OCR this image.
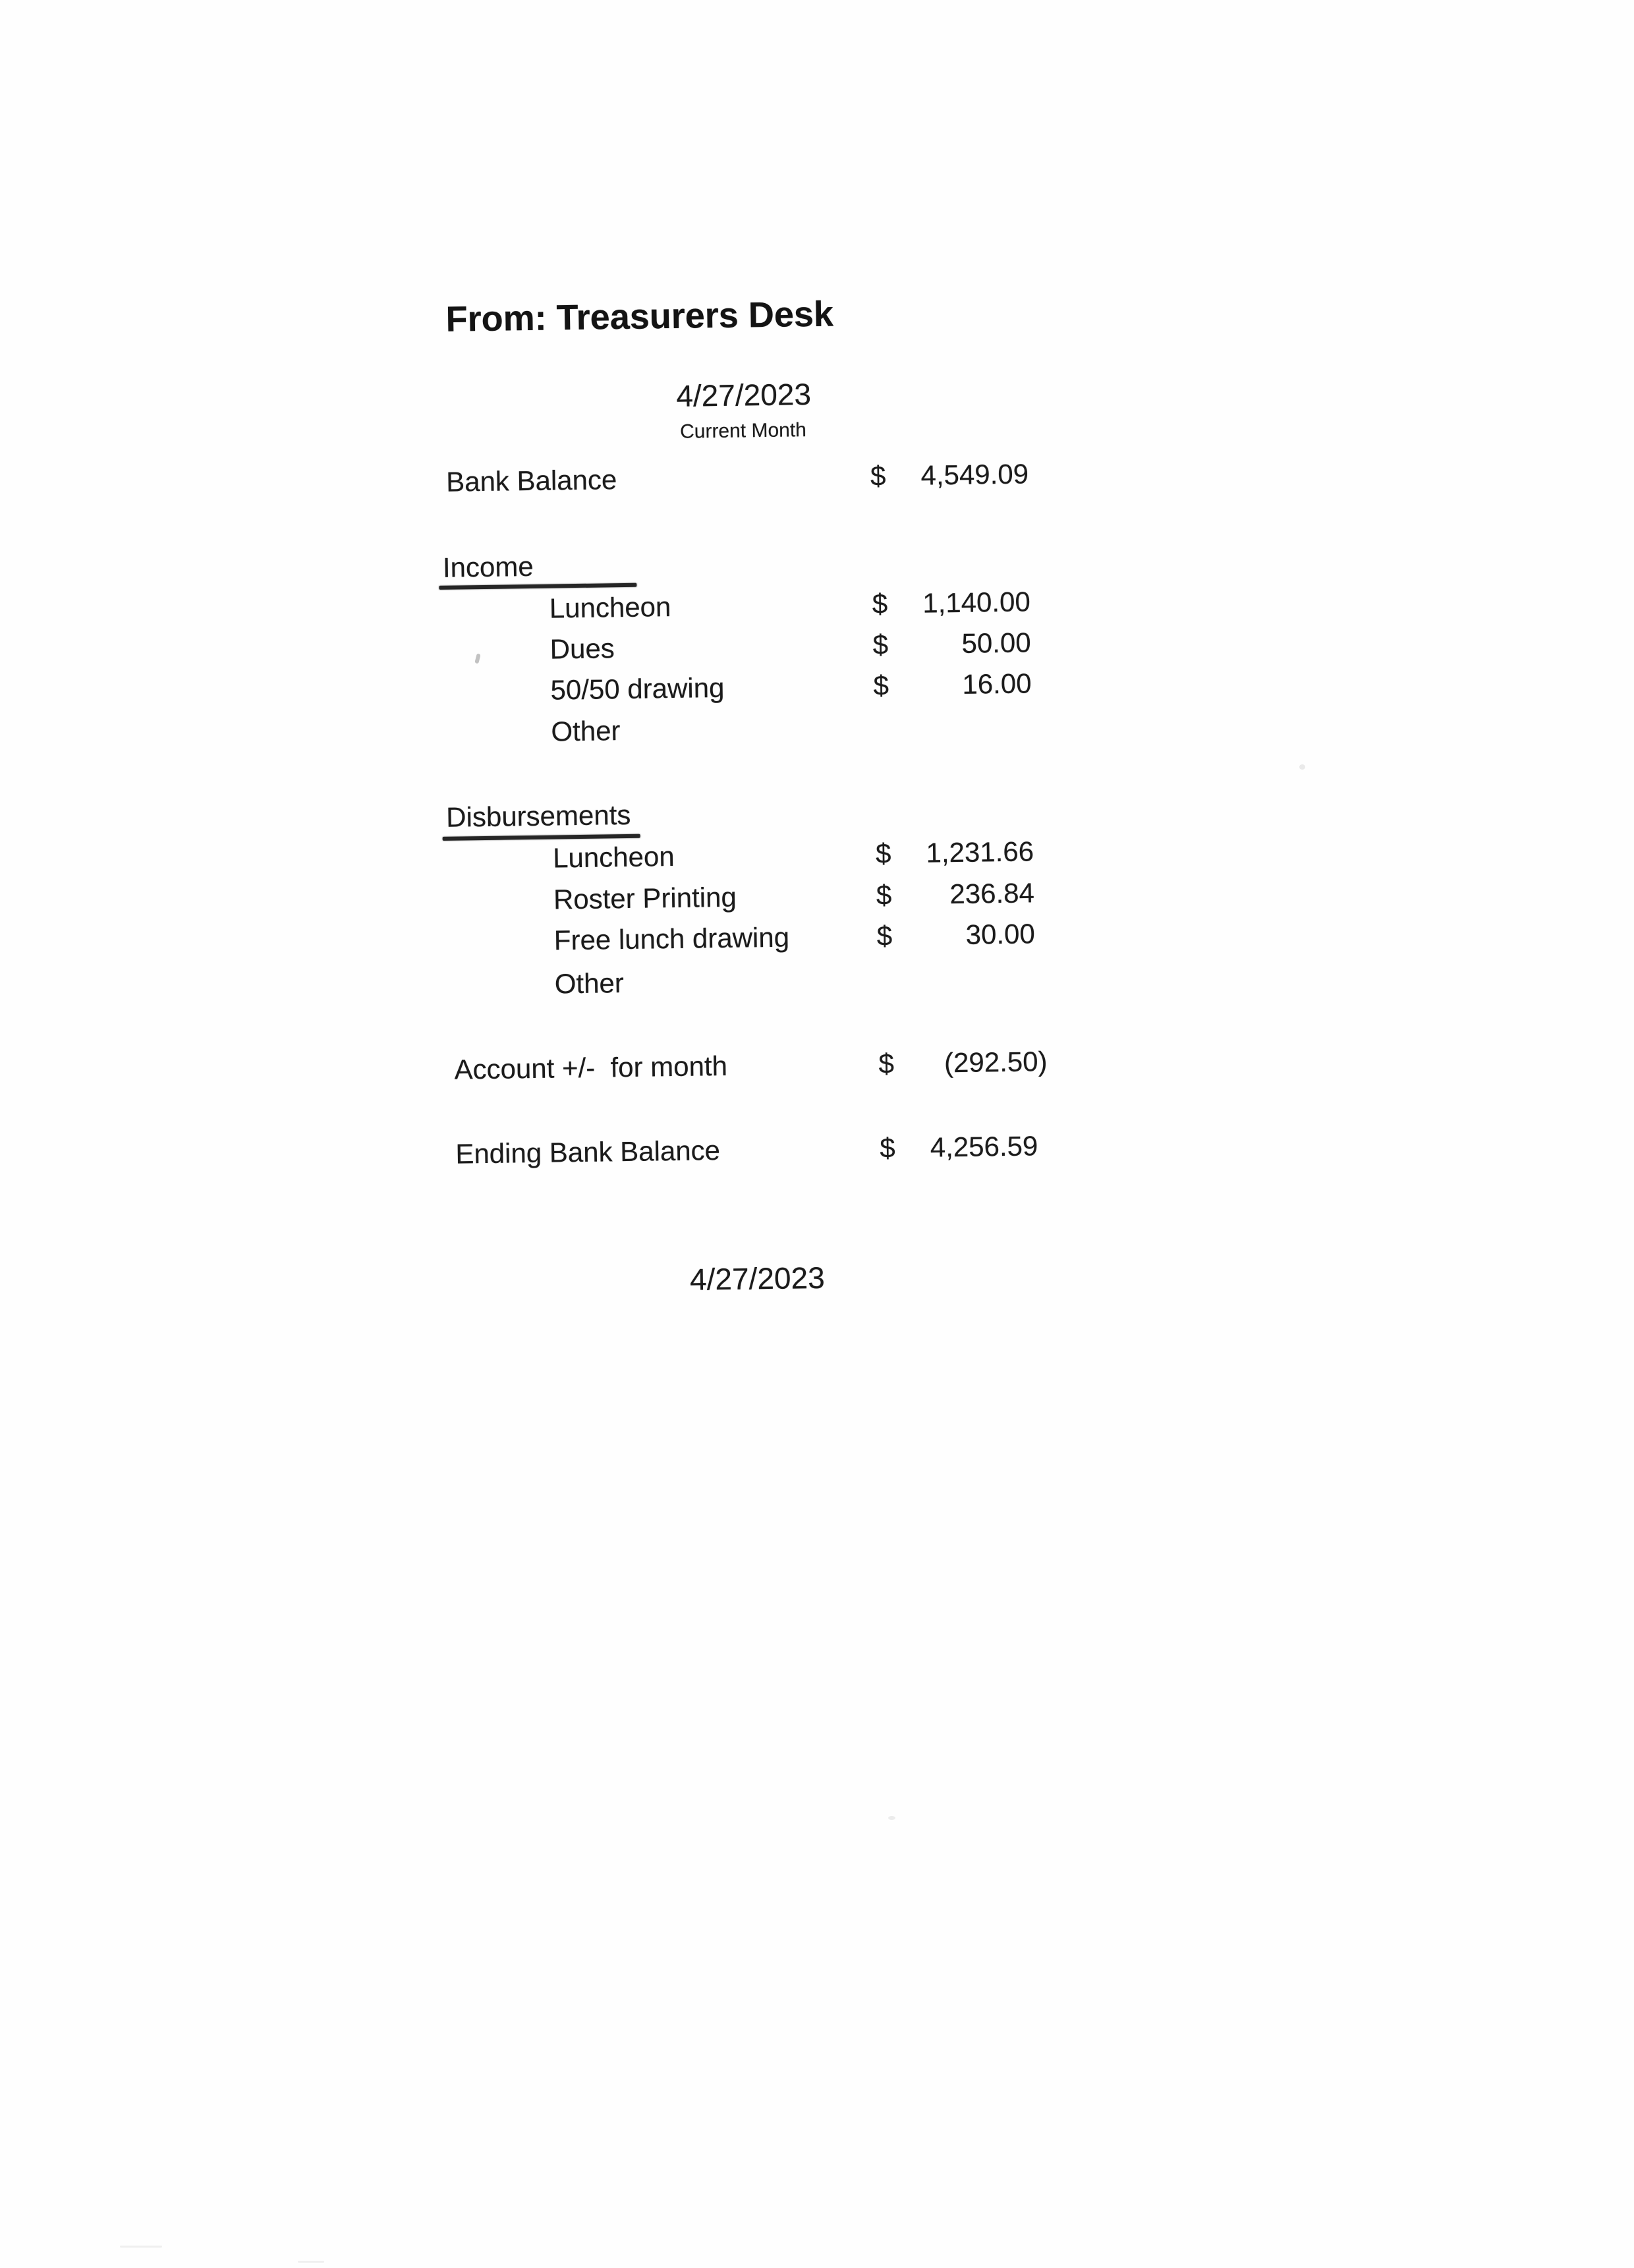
From: Treasurers Desk
4/27/2023
Current Month
Bank Balance	$ 4,549.09
Income
Luncheon	$ 1,140.00
Dues	$	50.00
50/50 drawing	$	16.00
Other
Disbursements
Luncheon	$ 1,231.66
Roster Printing	$ 236.84
Free lunch drawing	$	30.00
Other
Account +/-  for month	$ (292.50)
Ending Bank Balance	$ 4,256.59
4/27/2023
